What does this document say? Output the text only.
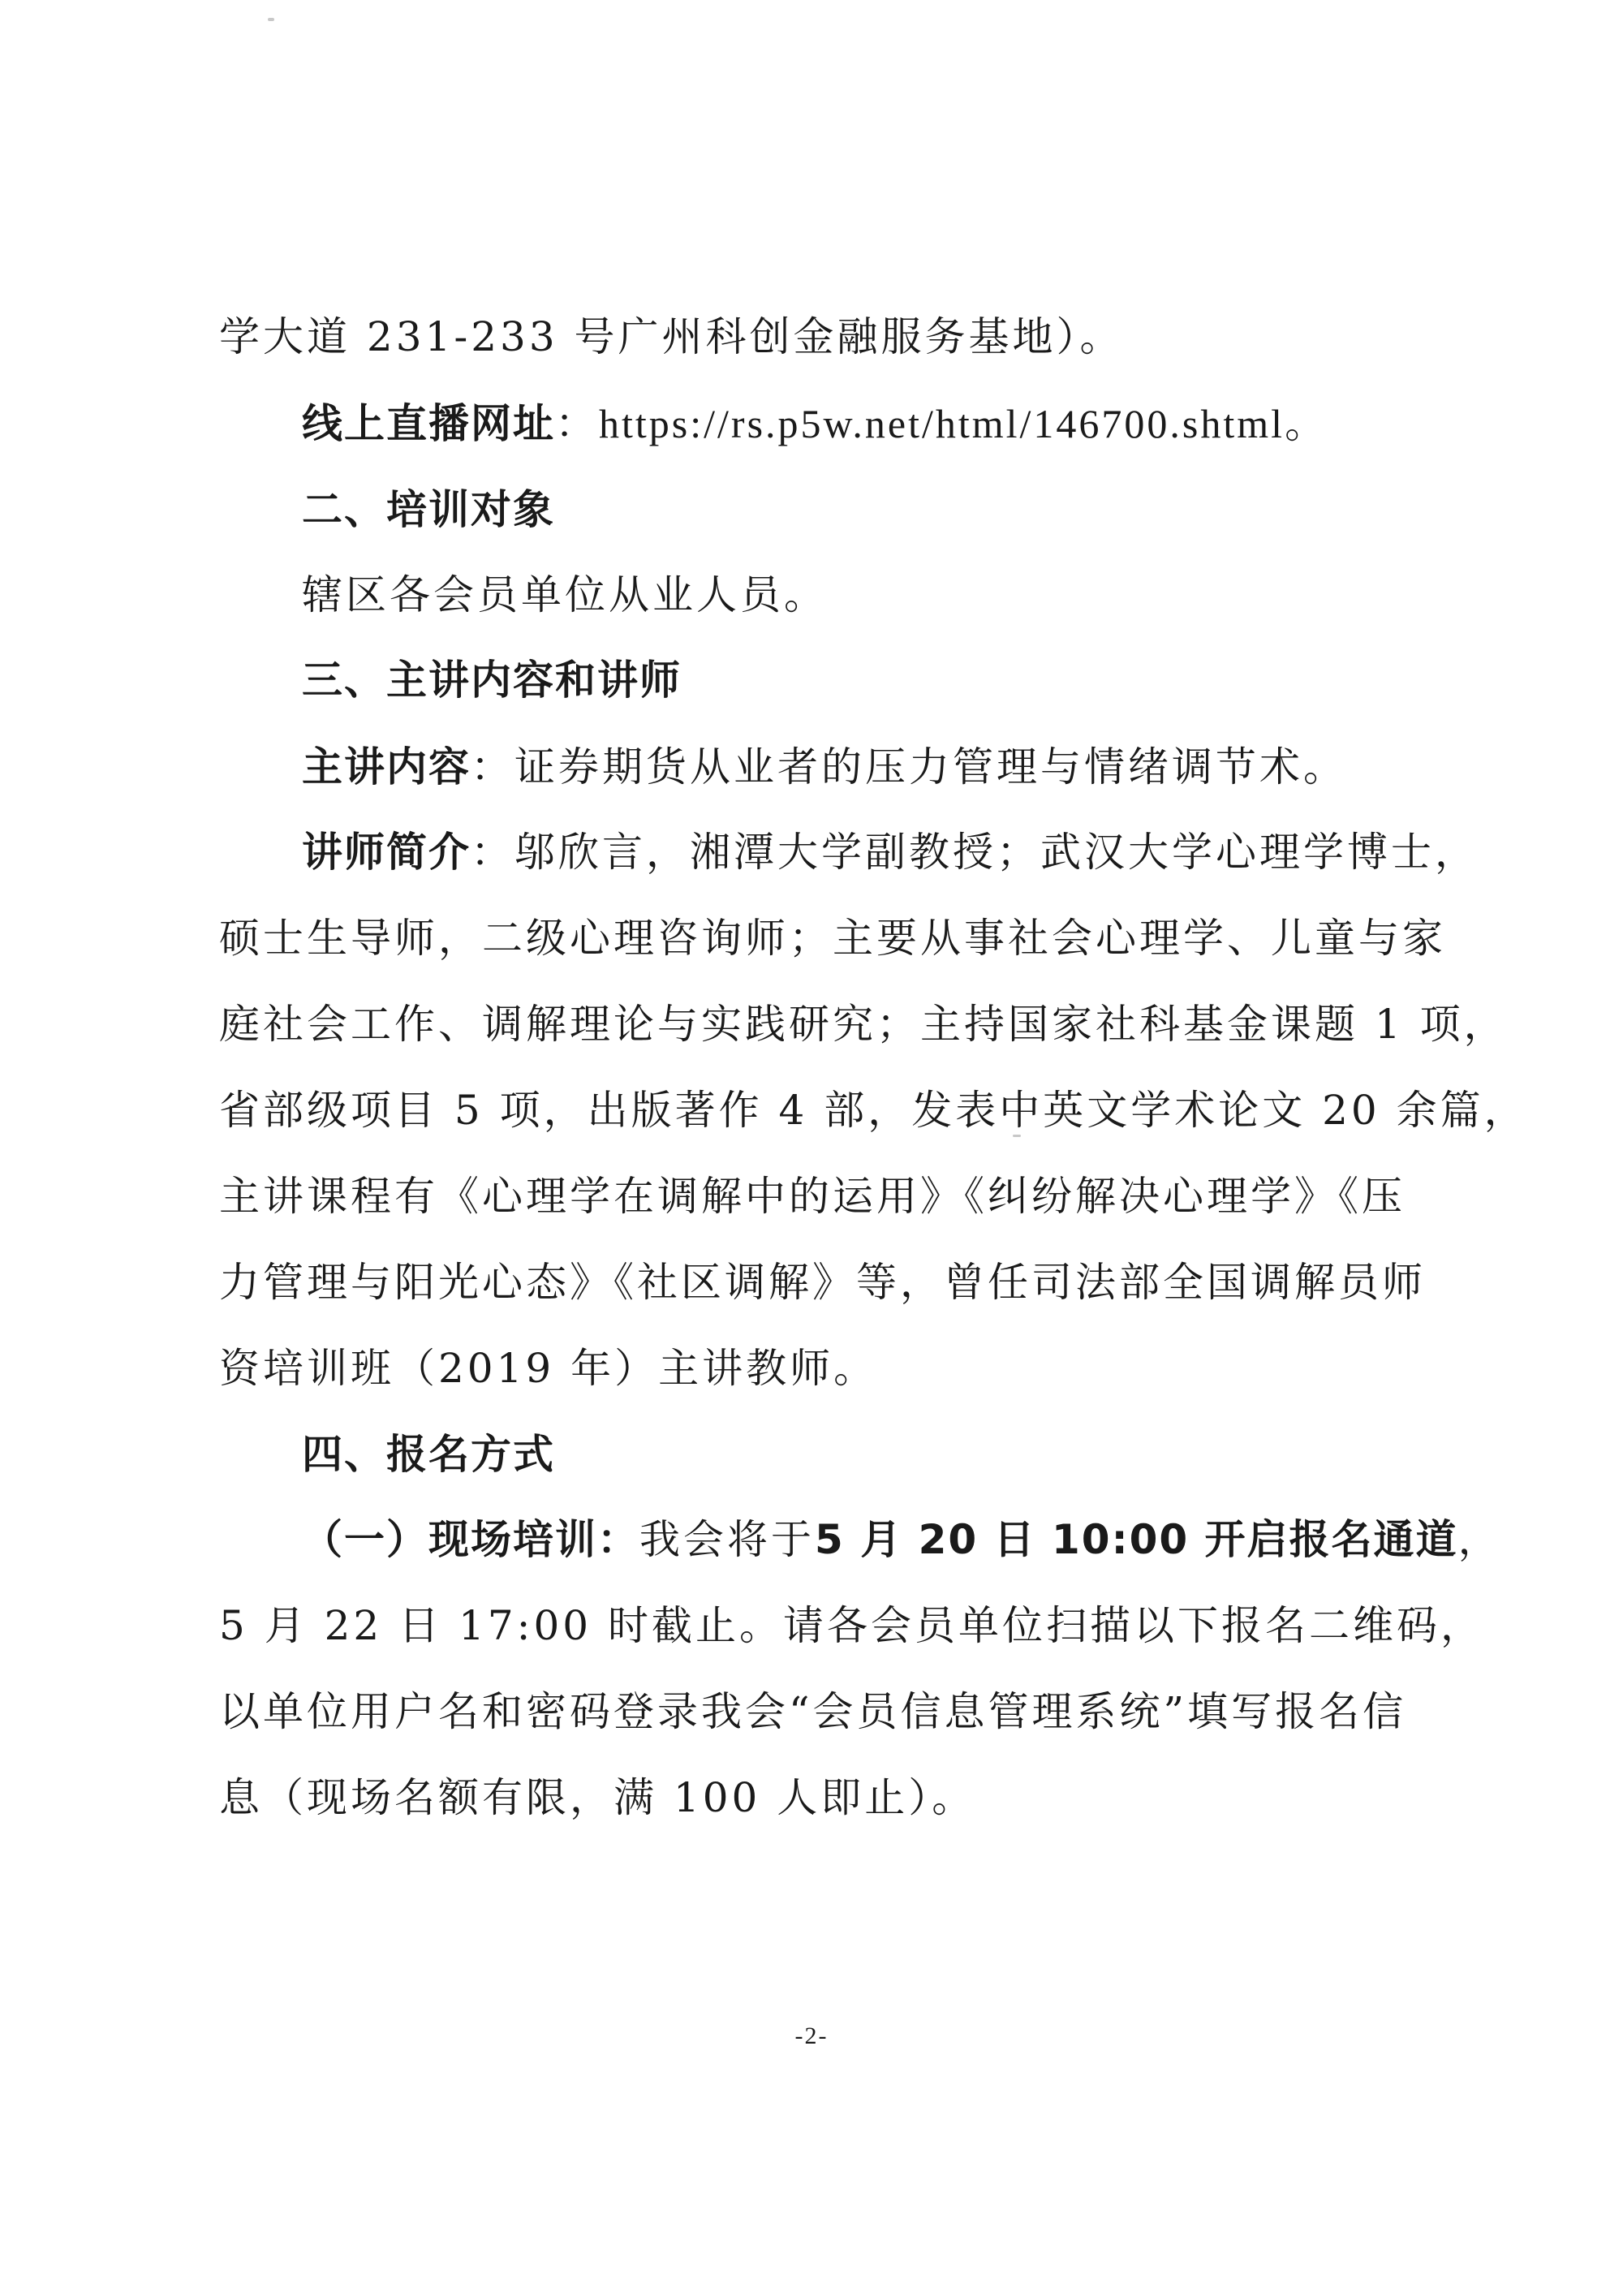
学大道 231-233 号广州科创金融服务基地）。
线上直播网址：https://rs.p5w.net/html/146700.shtml。
二、培训对象
辖区各会员单位从业人员。
三、主讲内容和讲师
主讲内容：证券期货从业者的压力管理与情绪调节术。
讲师简介：邬欣言，湘潭大学副教授；武汉大学心理学博士，
硕士生导师，二级心理咨询师；主要从事社会心理学、儿童与家
庭社会工作、调解理论与实践研究；主持国家社科基金课题 1 项，
省部级项目 5 项，出版著作 4 部，发表中英文学术论文 20 余篇，
主讲课程有《心理学在调解中的运用》《纠纷解决心理学》《压
力管理与阳光心态》《社区调解》等，曾任司法部全国调解员师
资培训班（2019 年）主讲教师。
四、报名方式
（一）现场培训：我会将于5 月 20 日 10:00 开启报名通道，
5 月 22 日 17:00 时截止。请各会员单位扫描以下报名二维码，
以单位用户名和密码登录我会“会员信息管理系统”填写报名信
息（现场名额有限，满 100 人即止）。
-2-
